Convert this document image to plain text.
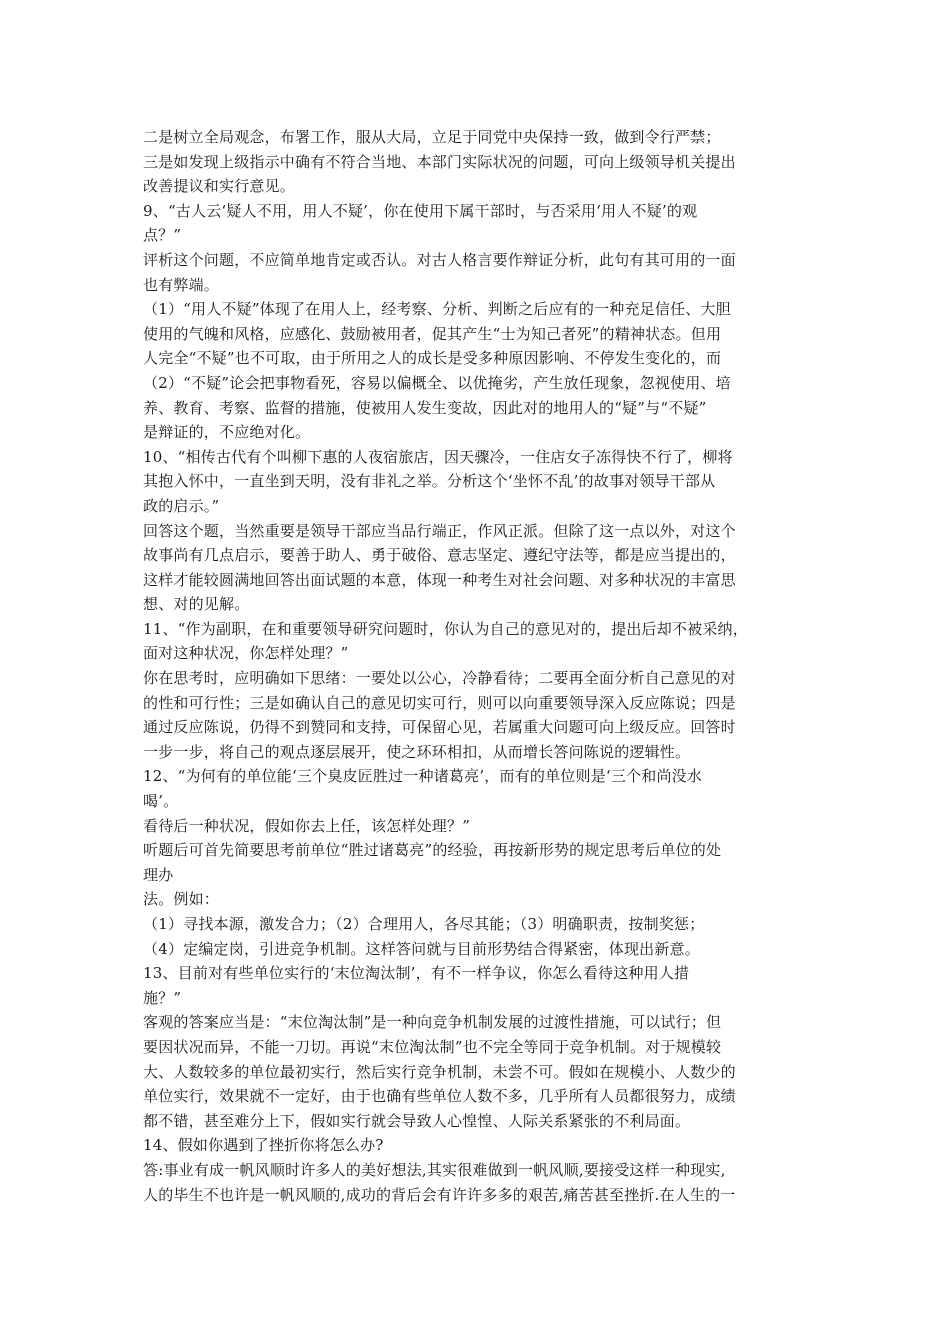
二是树立全局观念，布署工作，服从大局，立足于同党中央保持一致，做到令行严禁；
三是如发现上级指示中确有不符合当地、本部门实际状况的问题，可向上级领导机关提出
改善提议和实行意见。
9、“古人云‘疑人不用，用人不疑’，你在使用下属干部时，与否采用‘用人不疑’的观
点？”
评析这个问题，不应简单地肯定或否认。对古人格言要作辩证分析，此句有其可用的一面
也有弊端。
（1）“用人不疑”体现了在用人上，经考察、分析、判断之后应有的一种充足信任、大胆
使用的气魄和风格，应感化、鼓励被用者，促其产生“士为知己者死”的精神状态。但用
人完全“不疑”也不可取，由于所用之人的成长是受多种原因影响、不停发生变化的，而
（2）“不疑”论会把事物看死，容易以偏概全、以优掩劣，产生放任现象，忽视使用、培
养、教育、考察、监督的措施，使被用人发生变故，因此对的地用人的“疑”与“不疑”
是辩证的，不应绝对化。
10、“相传古代有个叫柳下惠的人夜宿旅店，因天骤冷，一住店女子冻得快不行了，柳将
其抱入怀中，一直坐到天明，没有非礼之举。分析这个‘坐怀不乱’的故事对领导干部从
政的启示。”
回答这个题，当然重要是领导干部应当品行端正，作风正派。但除了这一点以外，对这个
故事尚有几点启示，要善于助人、勇于破俗、意志坚定、遵纪守法等，都是应当提出的，
这样才能较圆满地回答出面试题的本意，体现一种考生对社会问题、对多种状况的丰富思
想、对的见解。
11、“作为副职，在和重要领导研究问题时，你认为自己的意见对的，提出后却不被采纳，
面对这种状况，你怎样处理？”
你在思考时，应明确如下思绪：一要处以公心，冷静看待；二要再全面分析自己意见的对
的性和可行性；三是如确认自己的意见切实可行，则可以向重要领导深入反应陈说；四是
通过反应陈说，仍得不到赞同和支持，可保留心见，若属重大问题可向上级反应。回答时
一步一步，将自己的观点逐层展开，使之环环相扣，从而增长答问陈说的逻辑性。
12、“为何有的单位能‘三个臭皮匠胜过一种诸葛亮’，而有的单位则是‘三个和尚没水
喝’。
看待后一种状况，假如你去上任，该怎样处理？”
听题后可首先简要思考前单位“胜过诸葛亮”的经验，再按新形势的规定思考后单位的处
理办
法。例如：
（1）寻找本源，激发合力；（2）合理用人，各尽其能；（3）明确职责，按制奖惩；
（4）定编定岗，引进竞争机制。这样答问就与目前形势结合得紧密，体现出新意。
13、目前对有些单位实行的‘末位淘汰制’，有不一样争议，你怎么看待这种用人措
施？”
客观的答案应当是：“末位淘汰制”是一种向竞争机制发展的过渡性措施，可以试行；但
要因状况而异，不能一刀切。再说“末位淘汰制”也不完全等同于竞争机制。对于规模较
大、人数较多的单位最初实行，然后实行竞争机制，未尝不可。假如在规模小、人数少的
单位实行，效果就不一定好，由于也确有些单位人数不多，几乎所有人员都很努力，成绩
都不错，甚至难分上下，假如实行就会导致人心惶惶、人际关系紧张的不利局面。
14、假如你遇到了挫折你将怎么办?
答:事业有成一帆风顺时许多人的美好想法,其实很难做到一帆风顺,要接受这样一种现实,
人的毕生不也许是一帆风顺的,成功的背后会有许许多多的艰苦,痛苦甚至挫折.在人生的一
